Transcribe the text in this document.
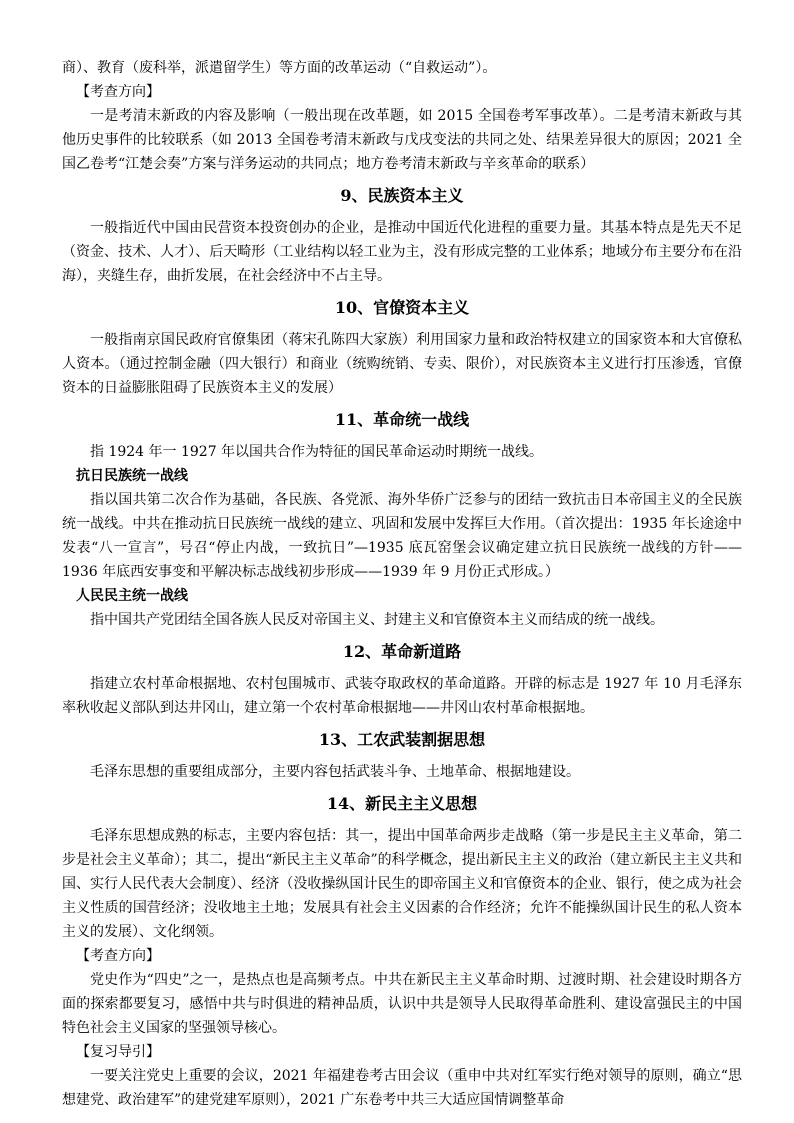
商）、教育（废科举，派遣留学生）等方面的改革运动（“自救运动”）。

【考查方向】

一是考清末新政的内容及影响（一般出现在改革题，如 2015 全国卷考军事改革）。二是考清末新政与其他历史事件的比较联系（如 2013 全国卷考清末新政与戊戌变法的共同之处、结果差异很大的原因；2021 全国乙卷考“江楚会奏”方案与洋务运动的共同点；地方卷考清末新政与辛亥革命的联系）

9、民族资本主义

一般指近代中国由民营资本投资创办的企业，是推动中国近代化进程的重要力量。其基本特点是先天不足（资金、技术、人才）、后天畸形（工业结构以轻工业为主，没有形成完整的工业体系；地域分布主要分布在沿海），夹缝生存，曲折发展，在社会经济中不占主导。

10、官僚资本主义

一般指南京国民政府官僚集团（蒋宋孔陈四大家族）利用国家力量和政治特权建立的国家资本和大官僚私人资本。（通过控制金融（四大银行）和商业（统购统销、专卖、限价），对民族资本主义进行打压渗透，官僚资本的日益膨胀阻碍了民族资本主义的发展）

11、革命统一战线

指 1924 年一 1927 年以国共合作为特征的国民革命运动时期统一战线。

抗日民族统一战线

指以国共第二次合作为基础，各民族、各党派、海外华侨广泛参与的团结一致抗击日本帝国主义的全民族统一战线。中共在推动抗日民族统一战线的建立、巩固和发展中发挥巨大作用。（首次提出：1935 年长途途中发表“八一宣言”，号召“停止内战，一致抗日”—1935 底瓦窑堡会议确定建立抗日民族统一战线的方针——1936 年底西安事变和平解决标志战线初步形成——1939 年 9 月份正式形成。）

人民民主统一战线

指中国共产党团结全国各族人民反对帝国主义、封建主义和官僚资本主义而结成的统一战线。

12、革命新道路

指建立农村革命根据地、农村包围城市、武装夺取政权的革命道路。开辟的标志是 1927 年 10 月毛泽东率秋收起义部队到达井冈山，建立第一个农村革命根据地——井冈山农村革命根据地。

13、工农武装割据思想

毛泽东思想的重要组成部分，主要内容包括武装斗争、土地革命、根据地建设。

14、新民主主义思想

毛泽东思想成熟的标志，主要内容包括：其一，提出中国革命两步走战略（第一步是民主主义革命，第二步是社会主义革命）；其二，提出“新民主主义革命”的科学概念，提出新民主主义的政治（建立新民主主义共和国、实行人民代表大会制度）、经济（没收操纵国计民生的即帝国主义和官僚资本的企业、银行，使之成为社会主义性质的国营经济；没收地主土地；发展具有社会主义因素的合作经济；允许不能操纵国计民生的私人资本主义的发展）、文化纲领。

【考查方向】

党史作为“四史”之一，是热点也是高频考点。中共在新民主主义革命时期、过渡时期、社会建设时期各方面的探索都要复习，感悟中共与时俱进的精神品质，认识中共是领导人民取得革命胜利、建设富强民主的中国特色社会主义国家的坚强领导核心。

【复习导引】

一要关注党史上重要的会议，2021 年福建卷考古田会议（重申中共对红军实行绝对领导的原则，确立“思想建党、政治建军”的建党建军原则），2021 广东卷考中共三大适应国情调整革命
